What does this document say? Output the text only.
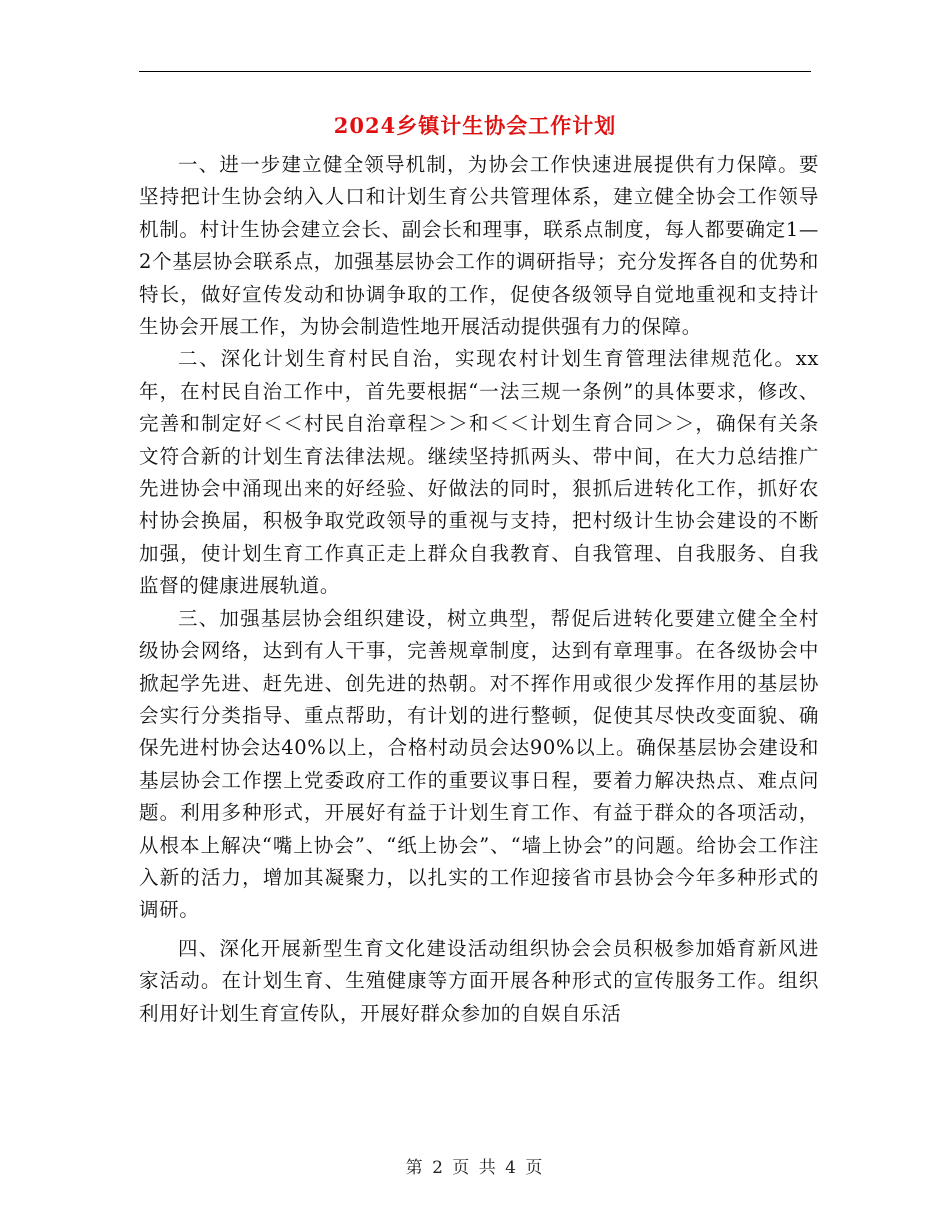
2024乡镇计生协会工作计划

一、进一步建立健全领导机制，为协会工作快速进展提供有力保障。要坚持把计生协会纳入人口和计划生育公共管理体系，建立健全协会工作领导机制。村计生协会建立会长、副会长和理事，联系点制度，每人都要确定1—2个基层协会联系点，加强基层协会工作的调研指导；充分发挥各自的优势和特长，做好宣传发动和协调争取的工作，促使各级领导自觉地重视和支持计生协会开展工作，为协会制造性地开展活动提供强有力的保障。

二、深化计划生育村民自治，实现农村计划生育管理法律规范化。xx年，在村民自治工作中，首先要根据“一法三规一条例”的具体要求，修改、完善和制定好＜＜村民自治章程＞＞和＜＜计划生育合同＞＞，确保有关条文符合新的计划生育法律法规。继续坚持抓两头、带中间，在大力总结推广先进协会中涌现出来的好经验、好做法的同时，狠抓后进转化工作，抓好农村协会换届，积极争取党政领导的重视与支持，把村级计生协会建设的不断加强，使计划生育工作真正走上群众自我教育、自我管理、自我服务、自我监督的健康进展轨道。

三、加强基层协会组织建设，树立典型，帮促后进转化要建立健全全村级协会网络，达到有人干事，完善规章制度，达到有章理事。在各级协会中掀起学先进、赶先进、创先进的热朝。对不挥作用或很少发挥作用的基层协会实行分类指导、重点帮助，有计划的进行整顿，促使其尽快改变面貌、确保先进村协会达40%以上，合格村动员会达90%以上。确保基层协会建设和基层协会工作摆上党委政府工作的重要议事日程，要着力解决热点、难点问题。利用多种形式，开展好有益于计划生育工作、有益于群众的各项活动，从根本上解决“嘴上协会”、“纸上协会”、“墙上协会”的问题。给协会工作注入新的活力，增加其凝聚力，以扎实的工作迎接省市县协会今年多种形式的调研。

四、深化开展新型生育文化建设活动组织协会会员积极参加婚育新风进家活动。在计划生育、生殖健康等方面开展各种形式的宣传服务工作。组织利用好计划生育宣传队，开展好群众参加的自娱自乐活

第 2 页 共 4 页
